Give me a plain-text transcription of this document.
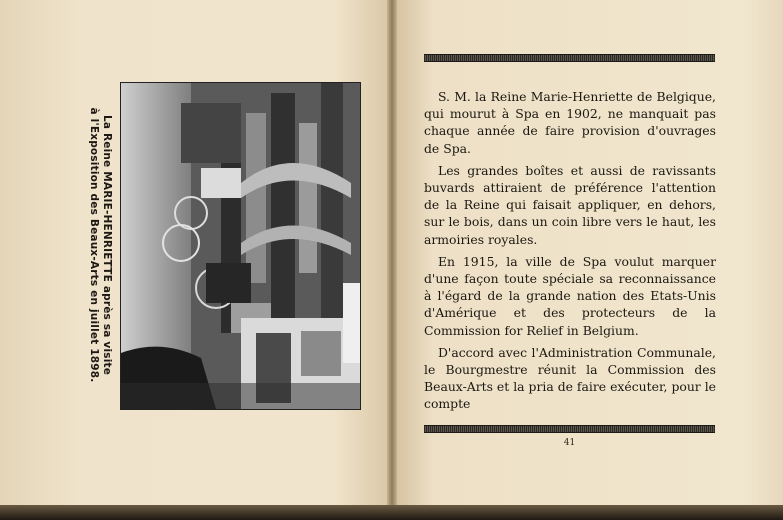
La Reine MARIE-HENRIETTE après sa visite
à l'Exposition des Beaux-Arts en juillet 1898.

S. M. la Reine Marie-Henriette de Belgique, qui mourut à Spa en 1902, ne manquait pas chaque année de faire provision d'ouvrages de Spa.

Les grandes boîtes et aussi de ravissants buvards attiraient de préférence l'attention de la Reine qui faisait appliquer, en dehors, sur le bois, dans un coin libre vers le haut, les armoiries royales.

En 1915, la ville de Spa voulut marquer d'une façon toute spéciale sa reconnaissance à l'égard de la grande nation des Etats-Unis d'Amérique et des protecteurs de la Commission for Relief in Belgium.

D'accord avec l'Administration Communale, le Bourgmestre réunit la Commission des Beaux-Arts et la pria de faire exécuter, pour le compte

41
